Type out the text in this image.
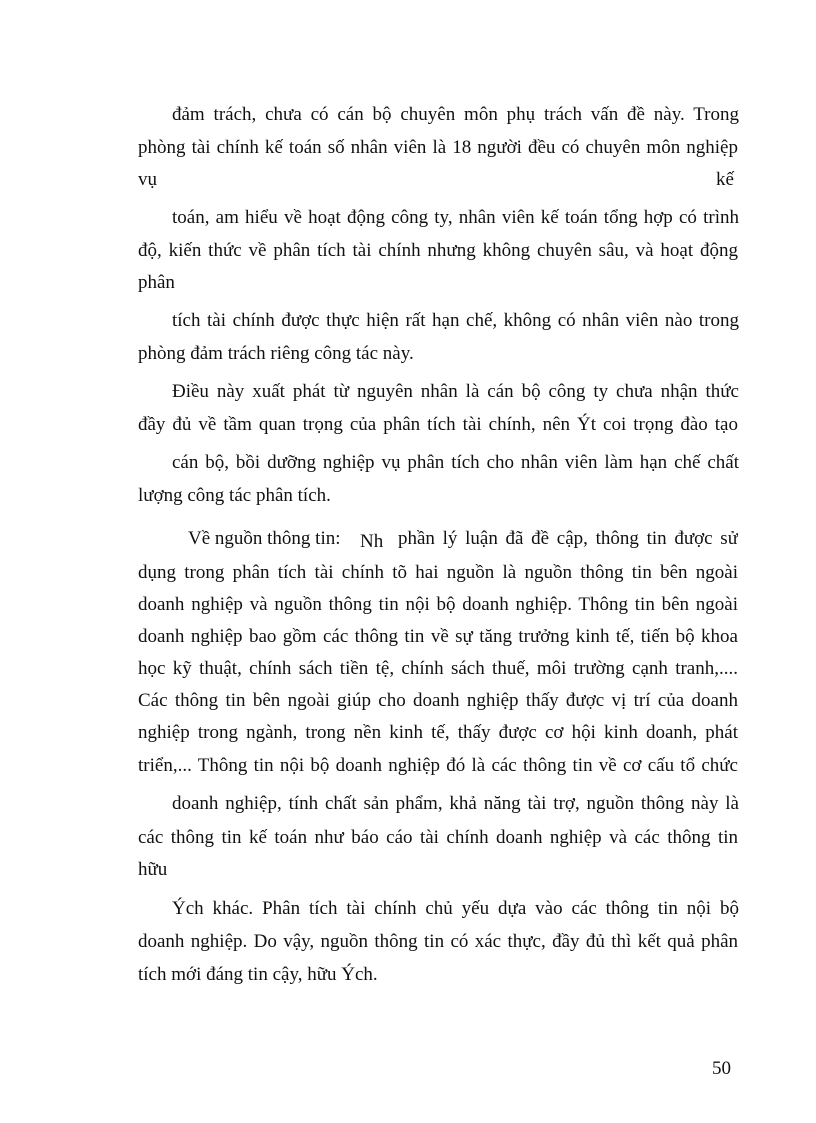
đảm trách, chưa có cán bộ chuyên môn phụ trách vấn đề này. Trong
phòng tài chính kế toán số nhân viên là 18 người đều có chuyên môn nghiệp
vụ	kế
toán, am hiểu về hoạt động công ty, nhân viên kế toán tổng hợp có trình
độ, kiến thức về phân tích tài chính nhưng không chuyên sâu, và hoạt động
phân
tích tài chính được thực hiện rất hạn chế, không có nhân viên nào trong
phòng đảm trách riêng công tác này.
Điều này xuất phát từ nguyên nhân là cán bộ công ty chưa nhận thức
đầy đủ về tầm quan trọng của phân tích tài chính, nên Ýt coi trọng đào tạo
cán bộ, bồi dưỡng nghiệp vụ phân tích cho nhân viên làm hạn chế chất
lượng công tác phân tích.
Về nguồn thông tin: Nh phần lý luận đã đề cập, thông tin được sử
dụng trong phân tích tài chính tõ hai nguồn là nguồn thông tin bên ngoài
doanh nghiệp và nguồn thông tin nội bộ doanh nghiệp. Thông tin bên ngoài
doanh nghiệp bao gồm các thông tin về sự tăng trưởng kinh tế, tiến bộ khoa
học kỹ thuật, chính sách tiền tệ, chính sách thuế, môi trường cạnh tranh,....
Các thông tin bên ngoài giúp cho doanh nghiệp thấy được vị trí của doanh
nghiệp trong ngành, trong nền kinh tế, thấy được cơ hội kinh doanh, phát
triển,... Thông tin nội bộ doanh nghiệp đó là các thông tin về cơ cấu tổ chức
doanh nghiệp, tính chất sản phẩm, khả năng tài trợ, nguồn thông này là
các thông tin kế toán như báo cáo tài chính doanh nghiệp và các thông tin
hữu
Ých khác. Phân tích tài chính chủ yếu dựa vào các thông tin nội bộ
doanh nghiệp. Do vậy, nguồn thông tin có xác thực, đầy đủ thì kết quả phân
tích mới đáng tin cậy, hữu Ých.
50
